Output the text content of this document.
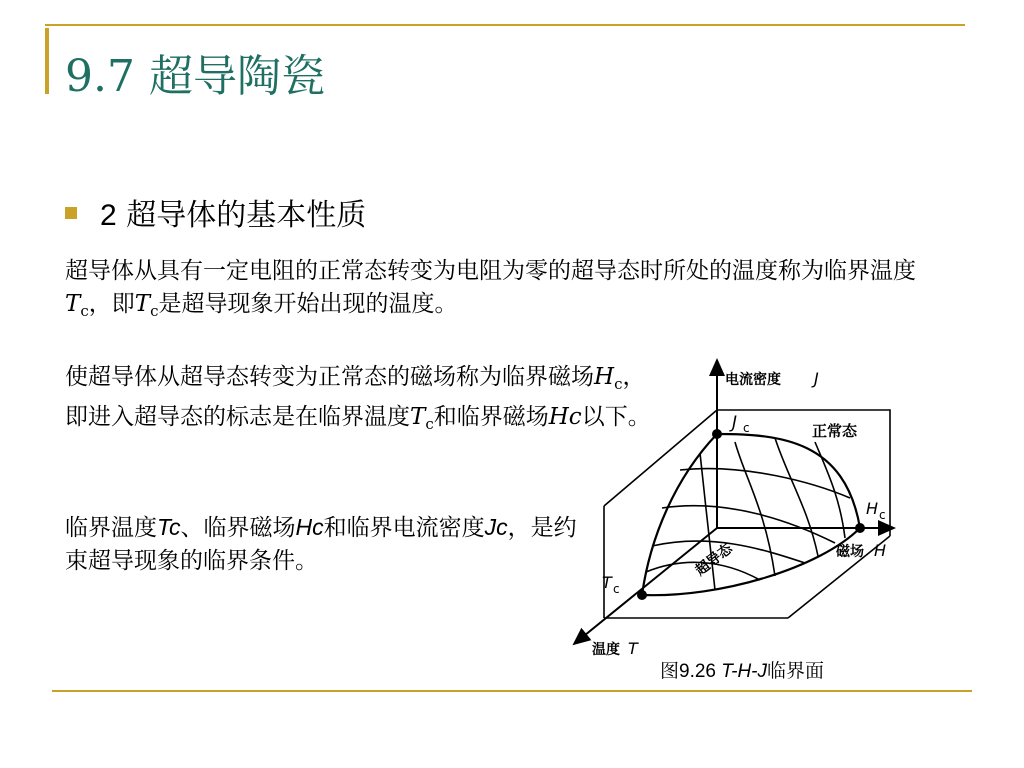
9.7 超导陶瓷
2 超导体的基本性质
超导体从具有一定电阻的正常态转变为电阻为零的超导态时所处的温度称为临界温度$T_c$，即$T_c$是超导现象开始出现的温度。
使超导体从超导态转变为正常态的磁场称为临界磁场$H_c$，即进入超导态的标志是在临界温度$T_c$和临界磁场Hc以下。
临界温度Tc、临界磁场Hc和临界电流密度Jc，是约束超导现象的临界条件。
电流密度 J
J c	正常态
H c
磁场 H
T c
温度 T
超导态
图9.26 T-H-J临界面
